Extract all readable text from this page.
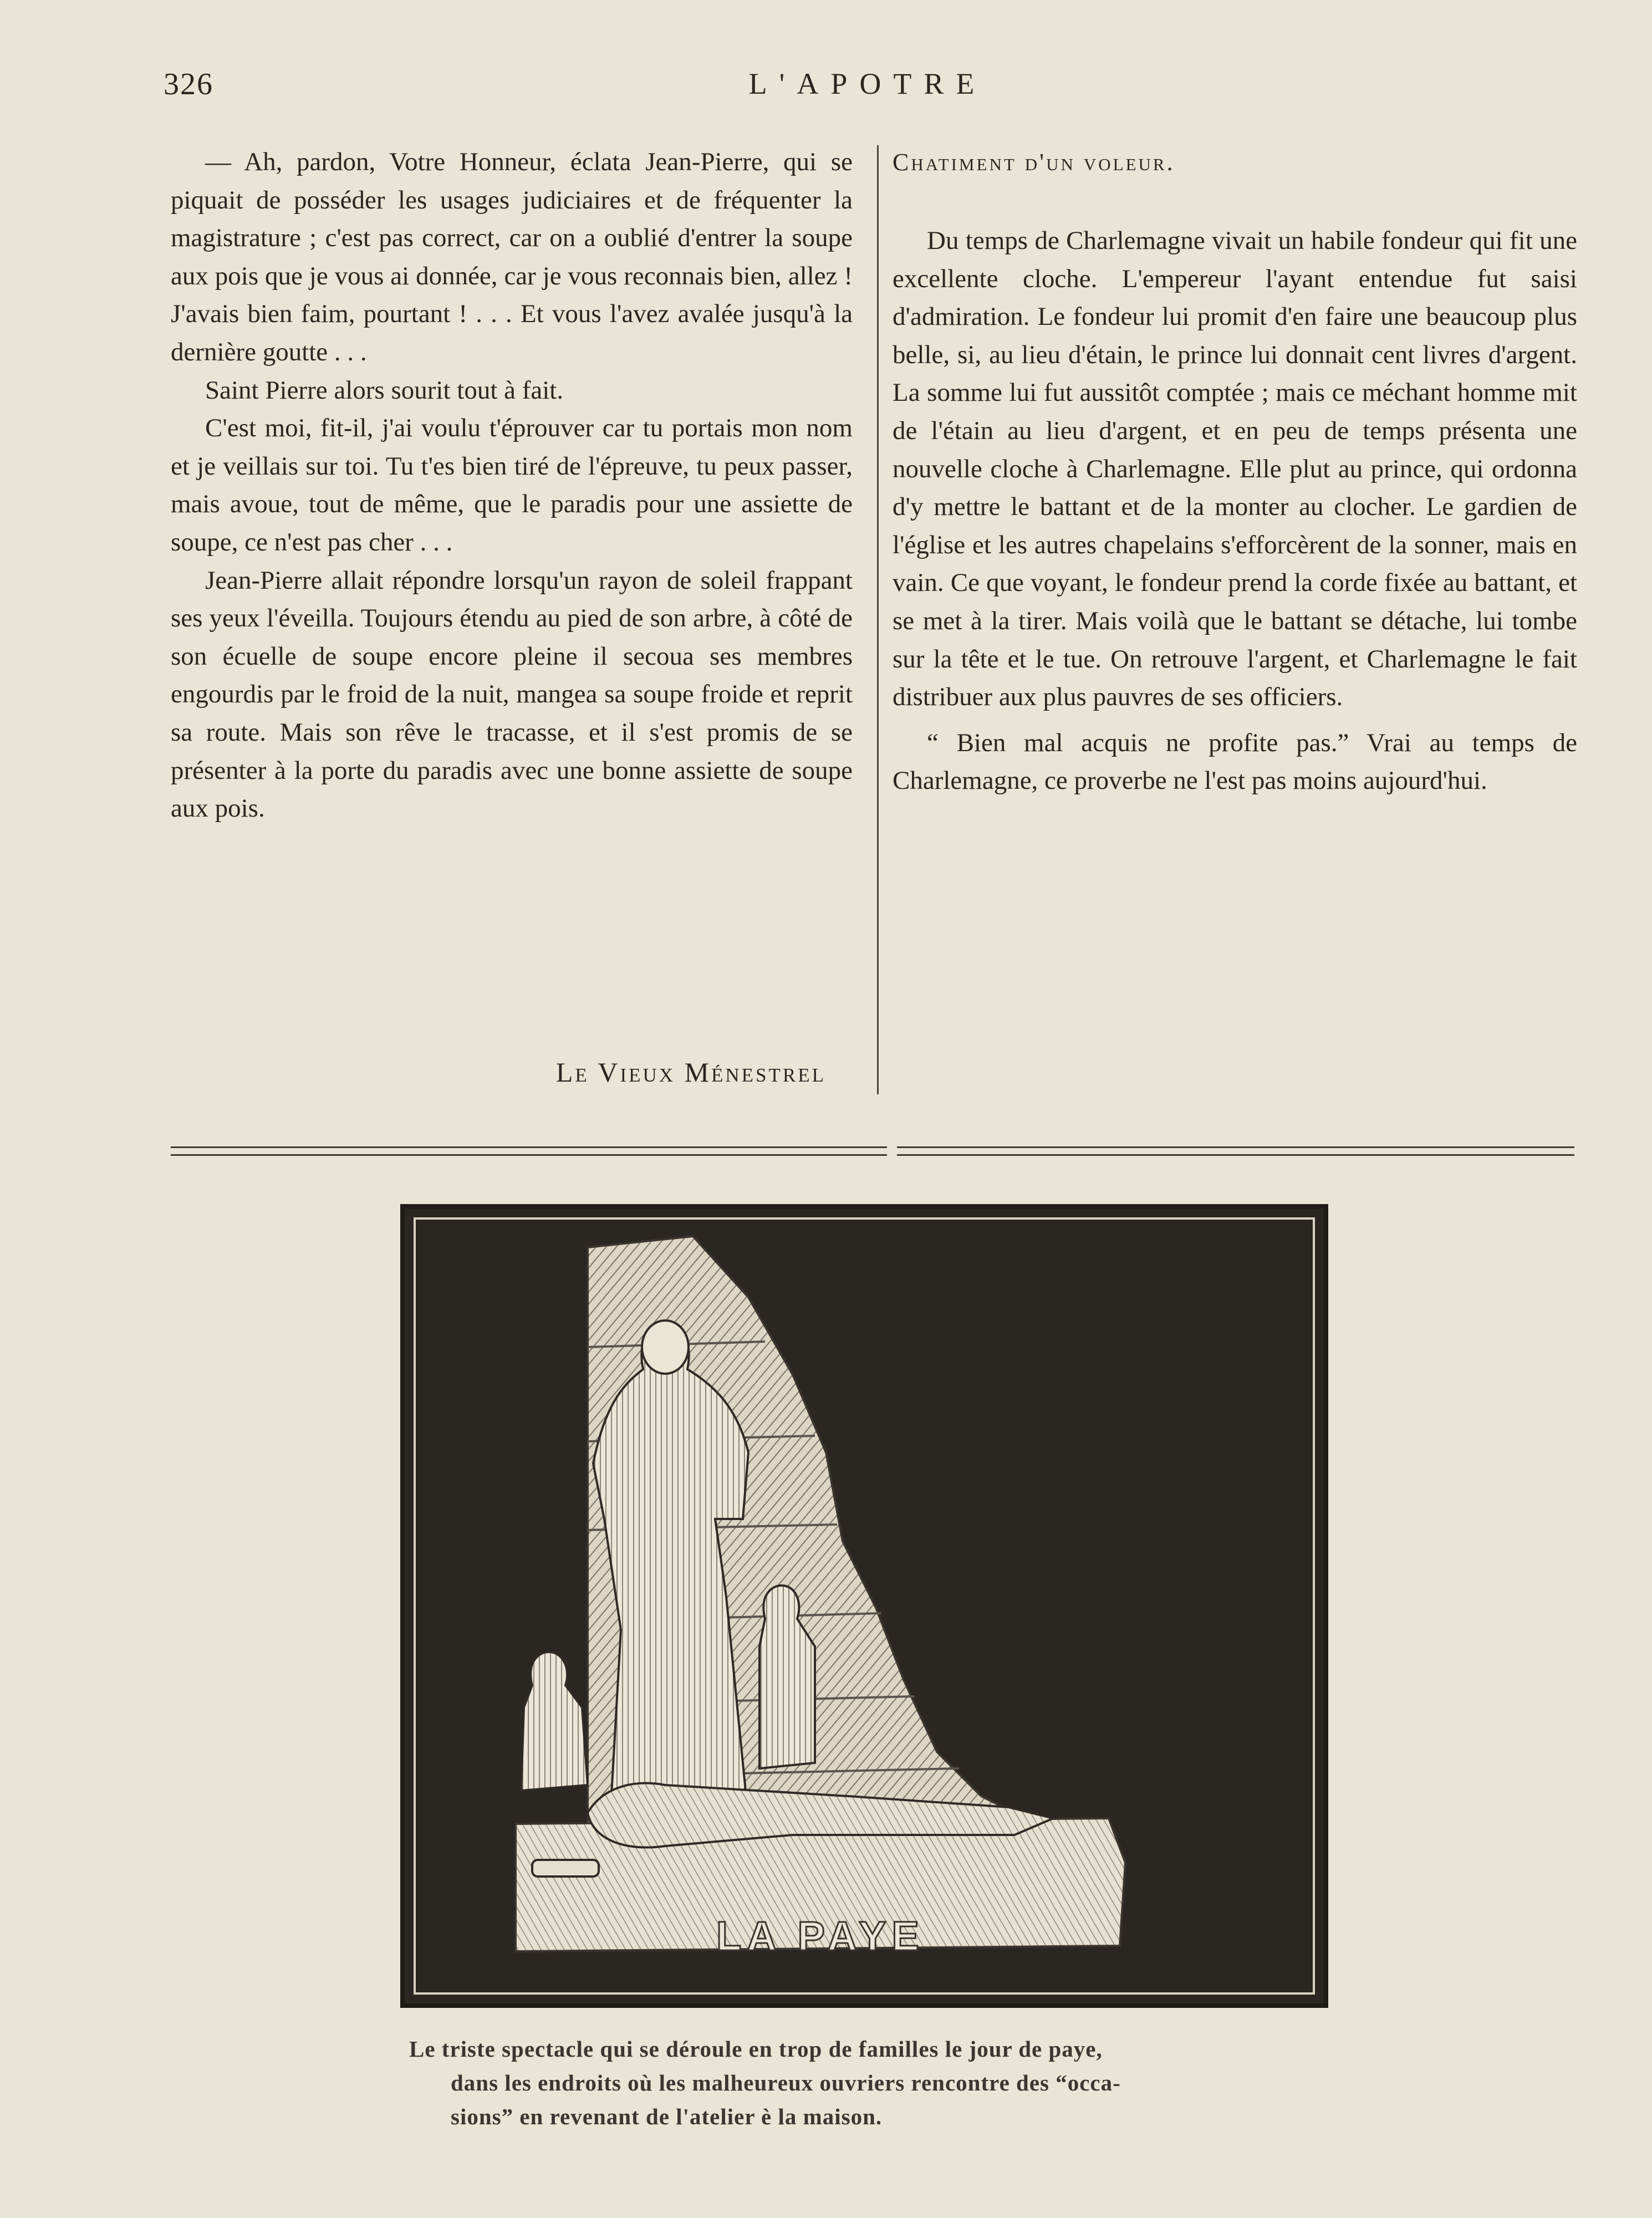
326	L'APOTRE

— Ah, pardon, Votre Honneur, éclata Jean-Pierre, qui se piquait de posséder les usages judiciaires et de fréquenter la magistrature ; c'est pas correct, car on a oublié d'entrer la soupe aux pois que je vous ai donnée, car je vous reconnais bien, allez ! J'avais bien faim, pourtant ! . . . Et vous l'avez avalée jusqu'à la dernière goutte . . .

Saint Pierre alors sourit tout à fait.

C'est moi, fit-il, j'ai voulu t'éprouver car tu portais mon nom et je veillais sur toi. Tu t'es bien tiré de l'épreuve, tu peux passer, mais avoue, tout de même, que le paradis pour une assiette de soupe, ce n'est pas cher . . .

Jean-Pierre allait répondre lorsqu'un rayon de soleil frappant ses yeux l'éveilla. Toujours étendu au pied de son arbre, à côté de son écuelle de soupe encore pleine il secoua ses membres engourdis par le froid de la nuit, mangea sa soupe froide et reprit sa route. Mais son rêve le tracasse, et il s'est promis de se présenter à la porte du paradis avec une bonne assiette de soupe aux pois.

Le Vieux Ménestrel

Chatiment d'un voleur.

Du temps de Charlemagne vivait un habile fondeur qui fit une excellente cloche. L'empereur l'ayant entendue fut saisi d'admiration. Le fondeur lui promit d'en faire une beaucoup plus belle, si, au lieu d'étain, le prince lui donnait cent livres d'argent. La somme lui fut aussitôt comptée ; mais ce méchant homme mit de l'étain au lieu d'argent, et en peu de temps présenta une nouvelle cloche à Charlemagne. Elle plut au prince, qui ordonna d'y mettre le battant et de la monter au clocher. Le gardien de l'église et les autres chapelains s'efforcèrent de la sonner, mais en vain. Ce que voyant, le fondeur prend la corde fixée au battant, et se met à la tirer. Mais voilà que le battant se détache, lui tombe sur la tête et le tue. On retrouve l'argent, et Charlemagne le fait distribuer aux plus pauvres de ses officiers.

“ Bien mal acquis ne profite pas.” Vrai au temps de Charlemagne, ce proverbe ne l'est pas moins aujourd'hui.

LA PAYE
Le triste spectacle qui se déroule en trop de familles le jour de paye,
dans les endroits où les malheureux ouvriers rencontre des “occa-
sions” en revenant de l'atelier è la maison.
